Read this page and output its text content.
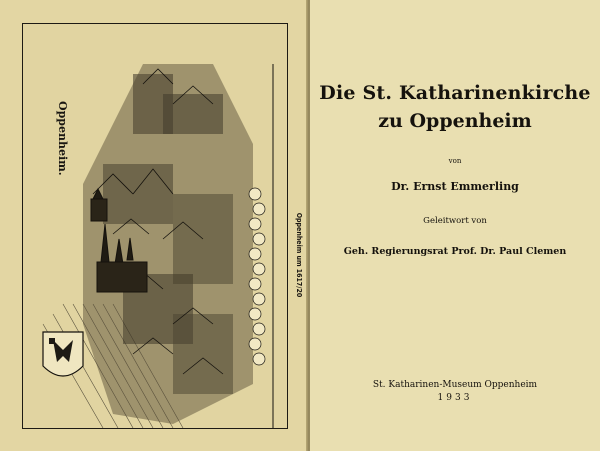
Oppenheim.
Oppenheim um 1617/20
Die St. Katharinenkirche
zu Oppenheim
von
Dr. Ernst Emmerling
Geleitwort von
Geh. Regierungsrat Prof. Dr. Paul Clemen
St. Katharinen-Museum Oppenheim
1933
